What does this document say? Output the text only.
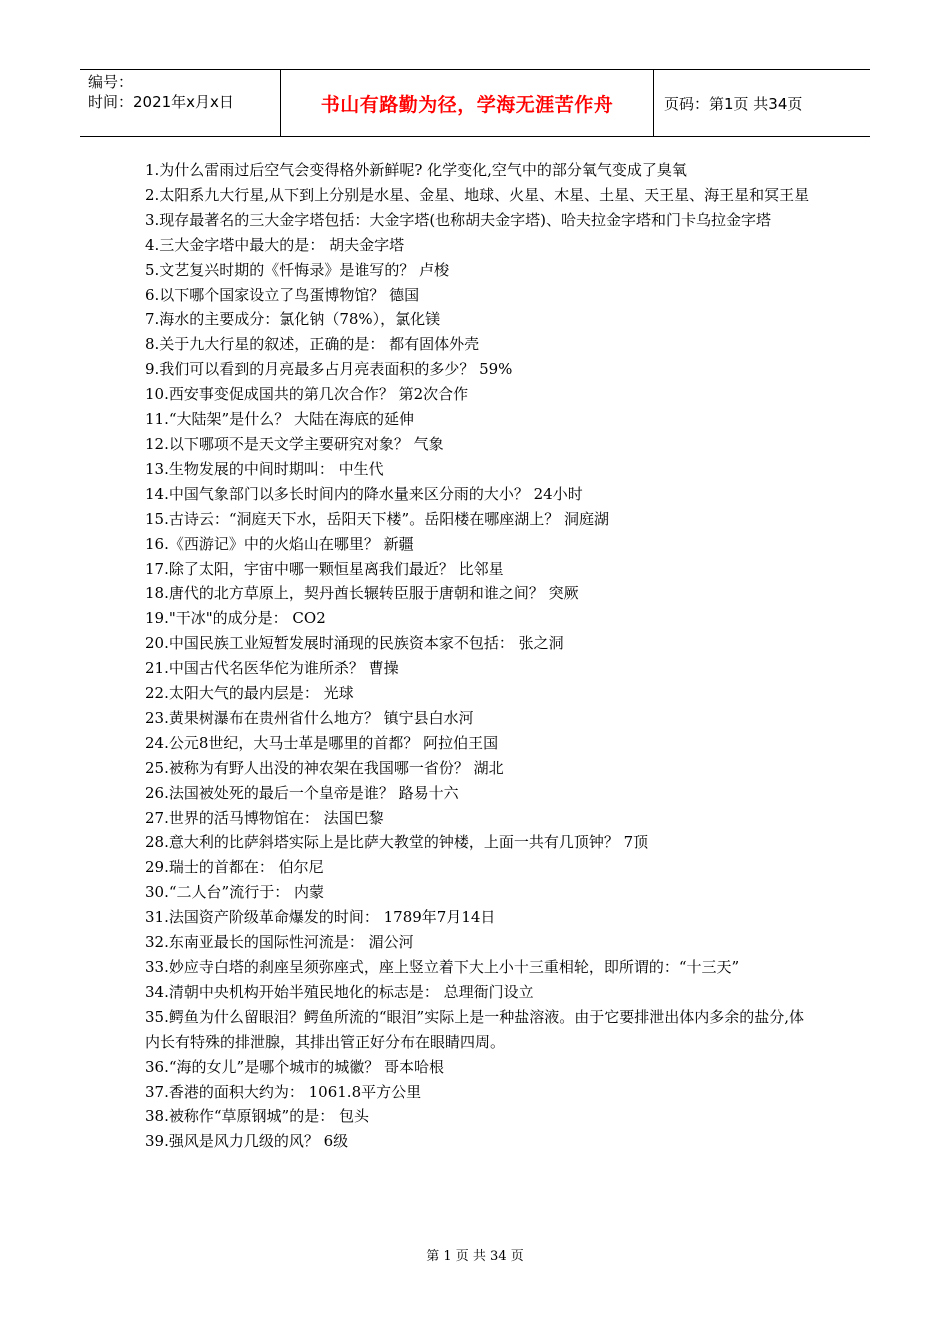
编号：
时间：2021年x月x日	书山有路勤为径，学海无涯苦作舟	页码：第1页 共34页

1.为什么雷雨过后空气会变得格外新鲜呢? 化学变化,空气中的部分氧气变成了臭氧

2.太阳系九大行星,从下到上分别是水星、金星、地球、火星、木星、土星、天王星、海王星和冥王星

3.现存最著名的三大金字塔包括：大金字塔(也称胡夫金字塔)、哈夫拉金字塔和门卡乌拉金字塔

4.三大金字塔中最大的是： 胡夫金字塔

5.文艺复兴时期的《忏悔录》是谁写的？ 卢梭

6.以下哪个国家设立了鸟蛋博物馆？ 德国

7.海水的主要成分：氯化钠（78%），氯化镁

8.关于九大行星的叙述，正确的是： 都有固体外壳

9.我们可以看到的月亮最多占月亮表面积的多少？ 59%

10.西安事变促成国共的第几次合作？ 第2次合作

11.“大陆架”是什么？ 大陆在海底的延伸

12.以下哪项不是天文学主要研究对象？ 气象

13.生物发展的中间时期叫： 中生代

14.中国气象部门以多长时间内的降水量来区分雨的大小？ 24小时

15.古诗云：“洞庭天下水，岳阳天下楼”。岳阳楼在哪座湖上？ 洞庭湖

16.《西游记》中的火焰山在哪里？ 新疆

17.除了太阳，宇宙中哪一颗恒星离我们最近？ 比邻星

18.唐代的北方草原上，契丹酋长辗转臣服于唐朝和谁之间？ 突厥

19."干冰"的成分是： CO2

20.中国民族工业短暂发展时涌现的民族资本家不包括： 张之洞

21.中国古代名医华佗为谁所杀？ 曹操

22.太阳大气的最内层是： 光球

23.黄果树瀑布在贵州省什么地方？ 镇宁县白水河

24.公元8世纪，大马士革是哪里的首都？ 阿拉伯王国

25.被称为有野人出没的神农架在我国哪一省份？ 湖北

26.法国被处死的最后一个皇帝是谁？ 路易十六

27.世界的活马博物馆在： 法国巴黎

28.意大利的比萨斜塔实际上是比萨大教堂的钟楼，上面一共有几顶钟？ 7顶

29.瑞士的首都在： 伯尔尼

30.“二人台”流行于： 内蒙

31.法国资产阶级革命爆发的时间： 1789年7月14日

32.东南亚最长的国际性河流是： 湄公河

33.妙应寺白塔的刹座呈须弥座式，座上竖立着下大上小十三重相轮，即所谓的：“十三天”

34.清朝中央机构开始半殖民地化的标志是： 总理衙门设立

35.鳄鱼为什么留眼泪？鳄鱼所流的“眼泪”实际上是一种盐溶液。由于它要排泄出体内多余的盐分,体内长有特殊的排泄腺，其排出管正好分布在眼睛四周。

36.“海的女儿”是哪个城市的城徽？ 哥本哈根

37.香港的面积大约为： 1061.8平方公里

38.被称作“草原钢城”的是： 包头

39.强风是风力几级的风？ 6级

第 1 页 共 34 页
